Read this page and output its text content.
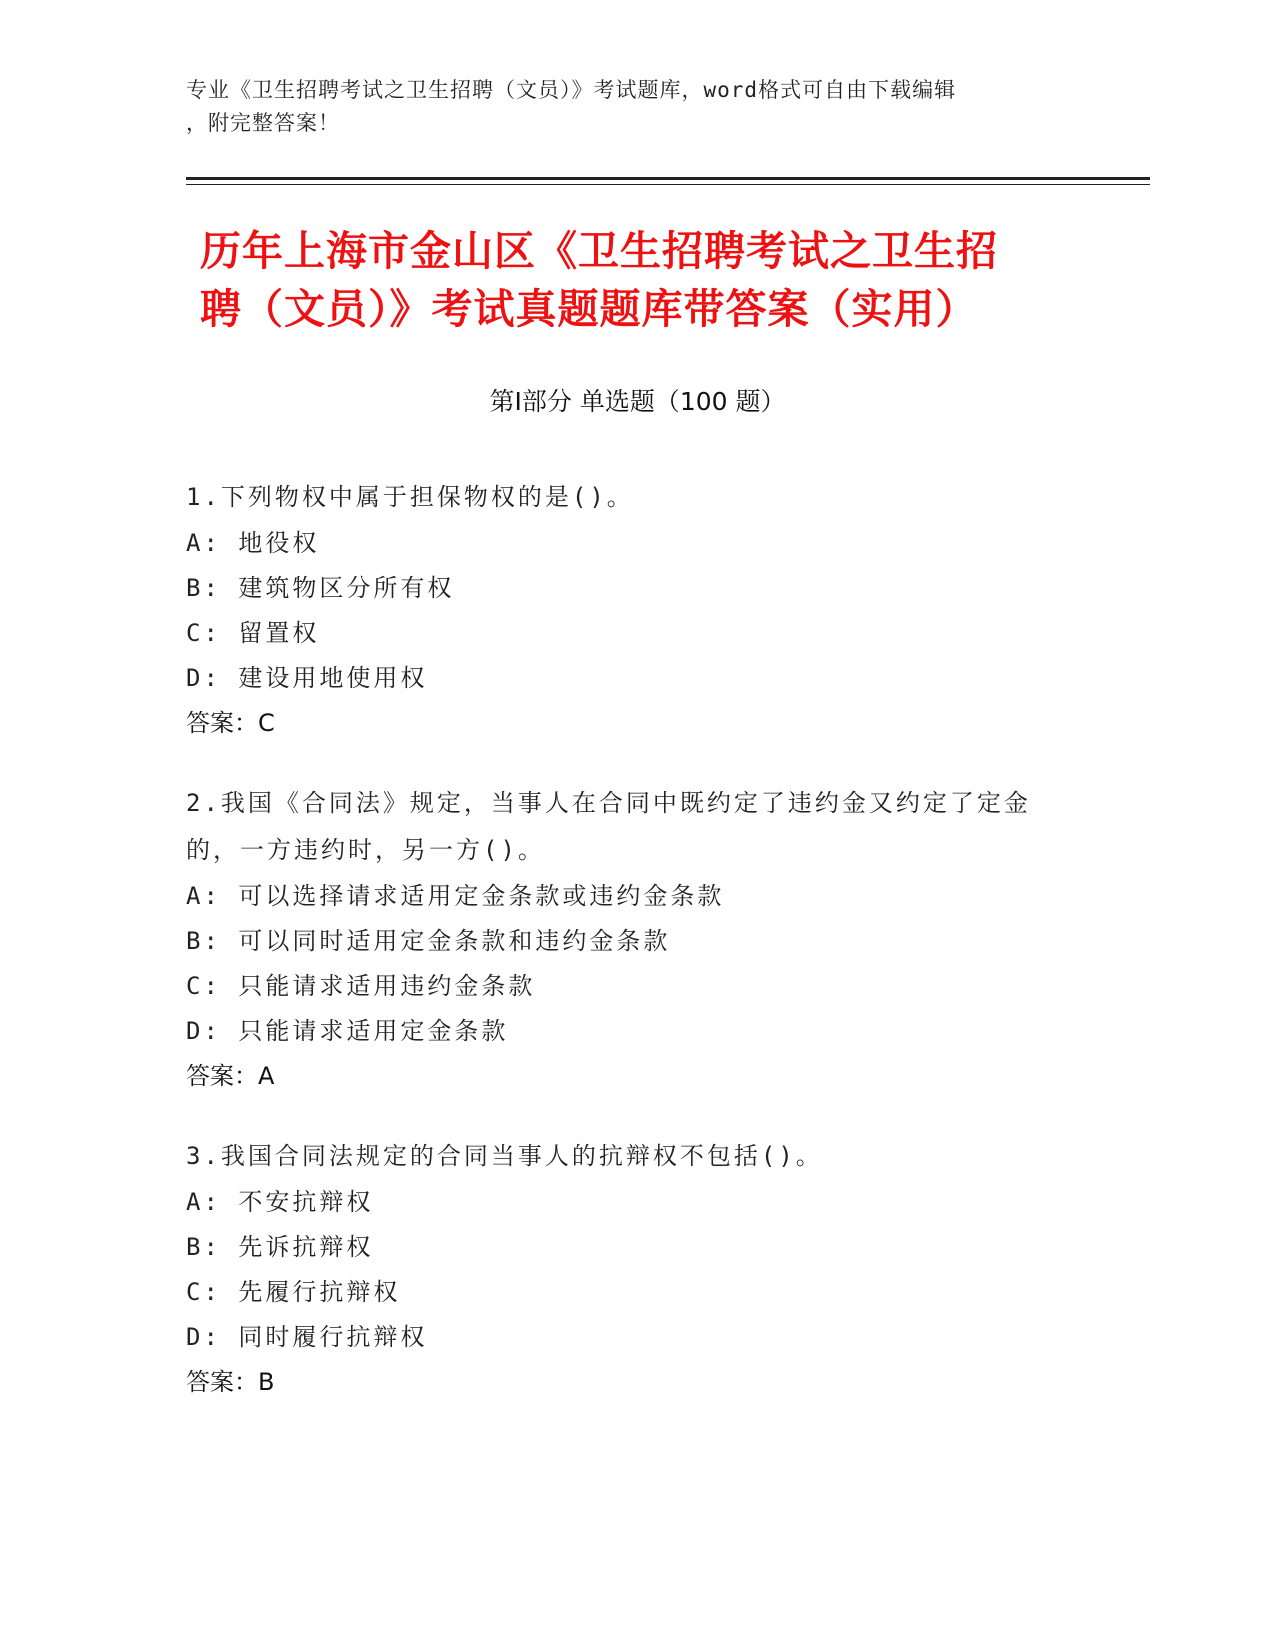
专业《卫生招聘考试之卫生招聘（文员）》考试题库，word格式可自由下载编辑
，附完整答案！
历年上海市金山区《卫生招聘考试之卫生招
聘（文员）》考试真题题库带答案（实用）
第Ⅰ部分 单选题（100 题）

1.下列物权中属于担保物权的是()。

A: 地役权

B: 建筑物区分所有权

C: 留置权

D: 建设用地使用权

答案：C

2.我国《合同法》规定，当事人在合同中既约定了违约金又约定了定金的，一方违约时，另一方()。

A: 可以选择请求适用定金条款或违约金条款

B: 可以同时适用定金条款和违约金条款

C: 只能请求适用违约金条款

D: 只能请求适用定金条款

答案：A

3.我国合同法规定的合同当事人的抗辩权不包括()。

A: 不安抗辩权

B: 先诉抗辩权

C: 先履行抗辩权

D: 同时履行抗辩权

答案：B
